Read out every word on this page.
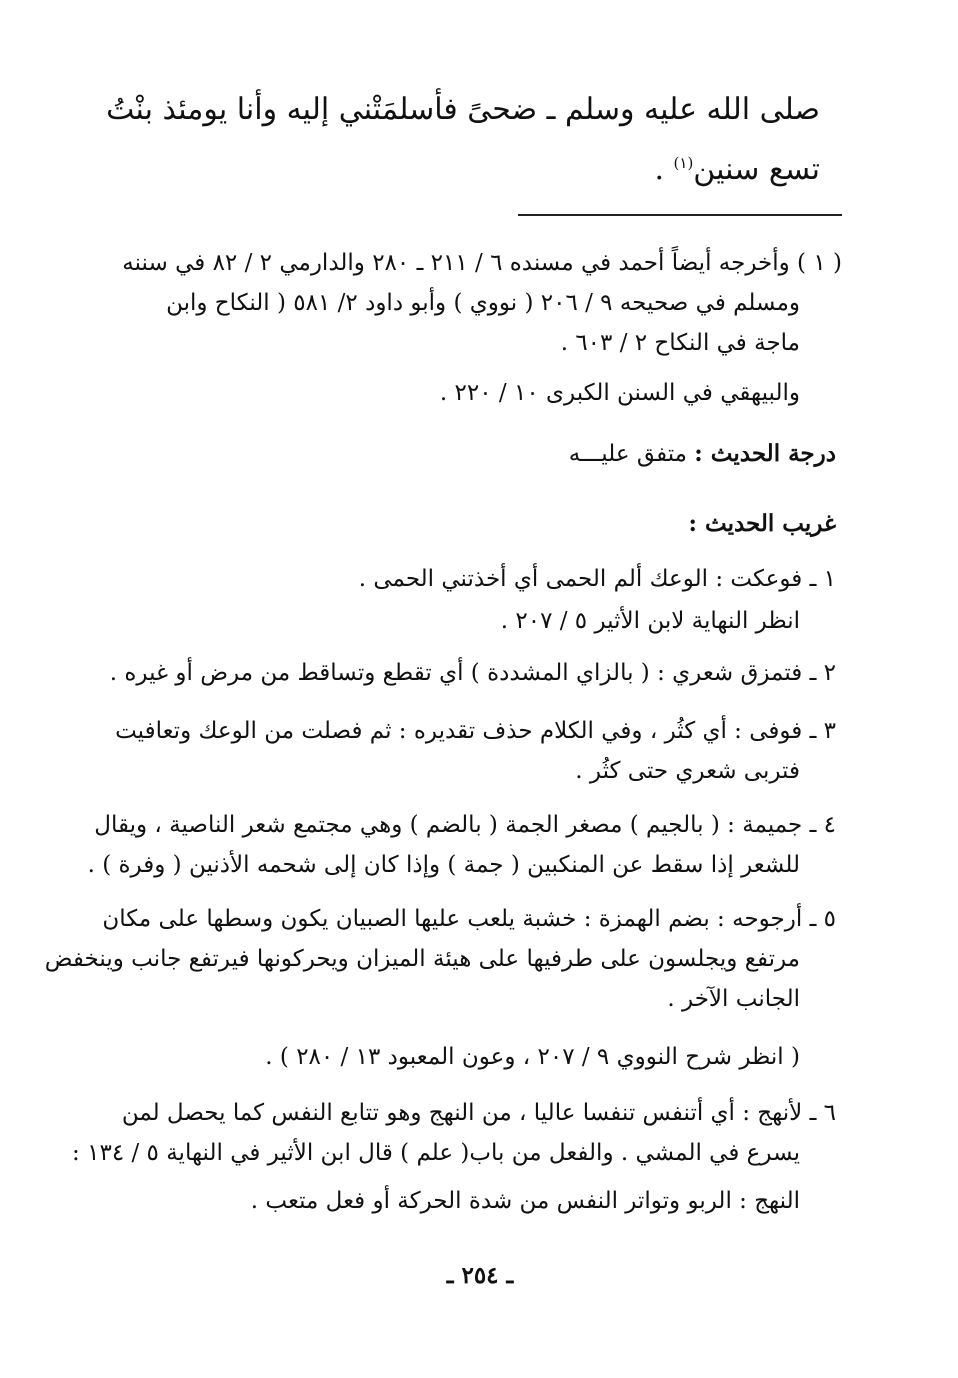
صلى الله عليه وسلم ـ ضحىً فأسلمَتْني إليه وأنا يومئذ بنْتُ
تسع سنين$^{(١)}$ .
( ١ ) وأخرجه أيضاً أحمد في مسنده ٦ / ٢١١ ـ ٢٨٠ والدارمي ٢ / ٨٢ في سننه
ومسلم في صحيحه ٩ / ٢٠٦ ( نووي ) وأبو داود ٢/ ٥٨١ ( النكاح وابن
ماجة في النكاح ٢ / ٦٠٣ .
والبيهقي في السنن الكبرى ١٠ / ٢٢٠ .
درجة الحديث : متفق عليـــه
غريب الحديث :
١ ـ فوعكت : الوعك ألم الحمى أي أخذتني الحمى .
انظر النهاية لابن الأثير ٥ / ٢٠٧ .
٢ ـ فتمزق شعري : ( بالزاي المشددة ) أي تقطع وتساقط من مرض أو غيره .
٣ ـ فوفى : أي كثُر ، وفي الكلام حذف تقديره : ثم فصلت من الوعك وتعافيت
فتربى شعري حتى كثُر .
٤ ـ جميمة : ( بالجيم ) مصغر الجمة ( بالضم ) وهي مجتمع شعر الناصية ، ويقال
للشعر إذا سقط عن المنكبين ( جمة ) وإذا كان إلى شحمه الأذنين ( وفرة ) .
٥ ـ أرجوحه : بضم الهمزة : خشبة يلعب عليها الصبيان يكون وسطها على مكان
مرتفع ويجلسون على طرفيها على هيئة الميزان ويحركونها فيرتفع جانب وينخفض
الجانب الآخر .
( انظر شرح النووي ٩ / ٢٠٧ ، وعون المعبود ١٣ / ٢٨٠ ) .
٦ ـ لأنهج : أي أتنفس تنفسا عاليا ، من النهج وهو تتابع النفس كما يحصل لمن
يسرع في المشي . والفعل من باب( علم ) قال ابن الأثير في النهاية ٥ / ١٣٤ :
النهج : الربو وتواتر النفس من شدة الحركة أو فعل متعب .
ـ ٢٥٤ ـ
